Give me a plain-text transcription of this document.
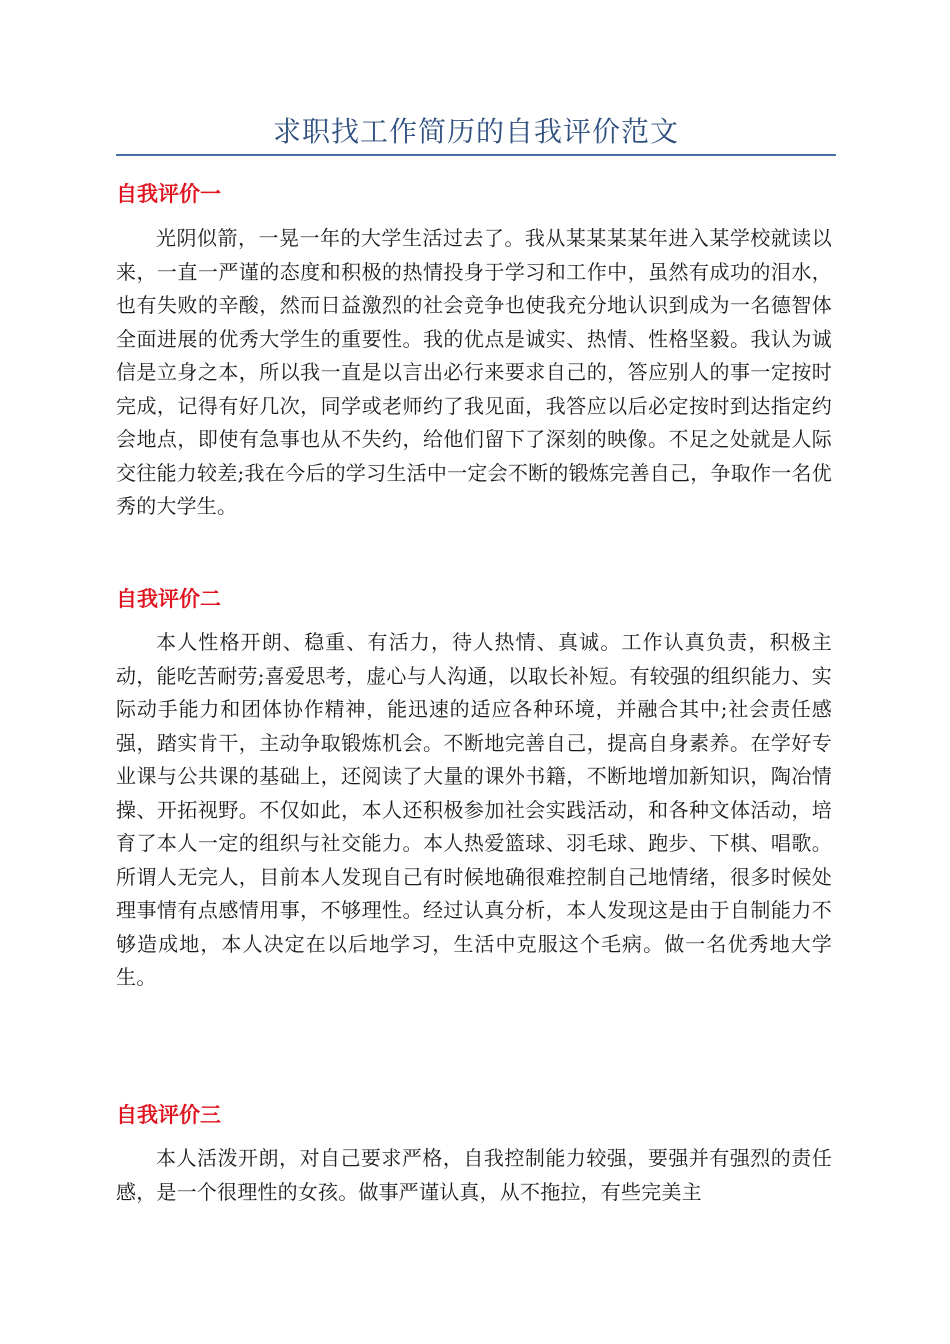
求职找工作简历的自我评价范文
自我评价一

光阴似箭，一晃一年的大学生活过去了。我从某某某某年进入某学校就读以来，一直一严谨的态度和积极的热情投身于学习和工作中，虽然有成功的泪水，也有失败的辛酸，然而日益激烈的社会竞争也使我充分地认识到成为一名德智体全面进展的优秀大学生的重要性。我的优点是诚实、热情、性格坚毅。我认为诚信是立身之本，所以我一直是以言出必行来要求自己的，答应别人的事一定按时完成，记得有好几次，同学或老师约了我见面，我答应以后必定按时到达指定约会地点，即使有急事也从不失约，给他们留下了深刻的映像。不足之处就是人际交往能力较差;我在今后的学习生活中一定会不断的锻炼完善自己，争取作一名优秀的大学生。

自我评价二

本人性格开朗、稳重、有活力，待人热情、真诚。工作认真负责，积极主动，能吃苦耐劳;喜爱思考，虚心与人沟通，以取长补短。有较强的组织能力、实际动手能力和团体协作精神，能迅速的适应各种环境，并融合其中;社会责任感强，踏实肯干，主动争取锻炼机会。不断地完善自己，提高自身素养。在学好专业课与公共课的基础上，还阅读了大量的课外书籍，不断地增加新知识，陶冶情操、开拓视野。不仅如此，本人还积极参加社会实践活动，和各种文体活动，培育了本人一定的组织与社交能力。本人热爱篮球、羽毛球、跑步、下棋、唱歌。所谓人无完人，目前本人发现自己有时候地确很难控制自己地情绪，很多时候处理事情有点感情用事，不够理性。经过认真分析，本人发现这是由于自制能力不够造成地，本人决定在以后地学习，生活中克服这个毛病。做一名优秀地大学生。

自我评价三

本人活泼开朗，对自己要求严格，自我控制能力较强，要强并有强烈的责任感，是一个很理性的女孩。做事严谨认真，从不拖拉，有些完美主
